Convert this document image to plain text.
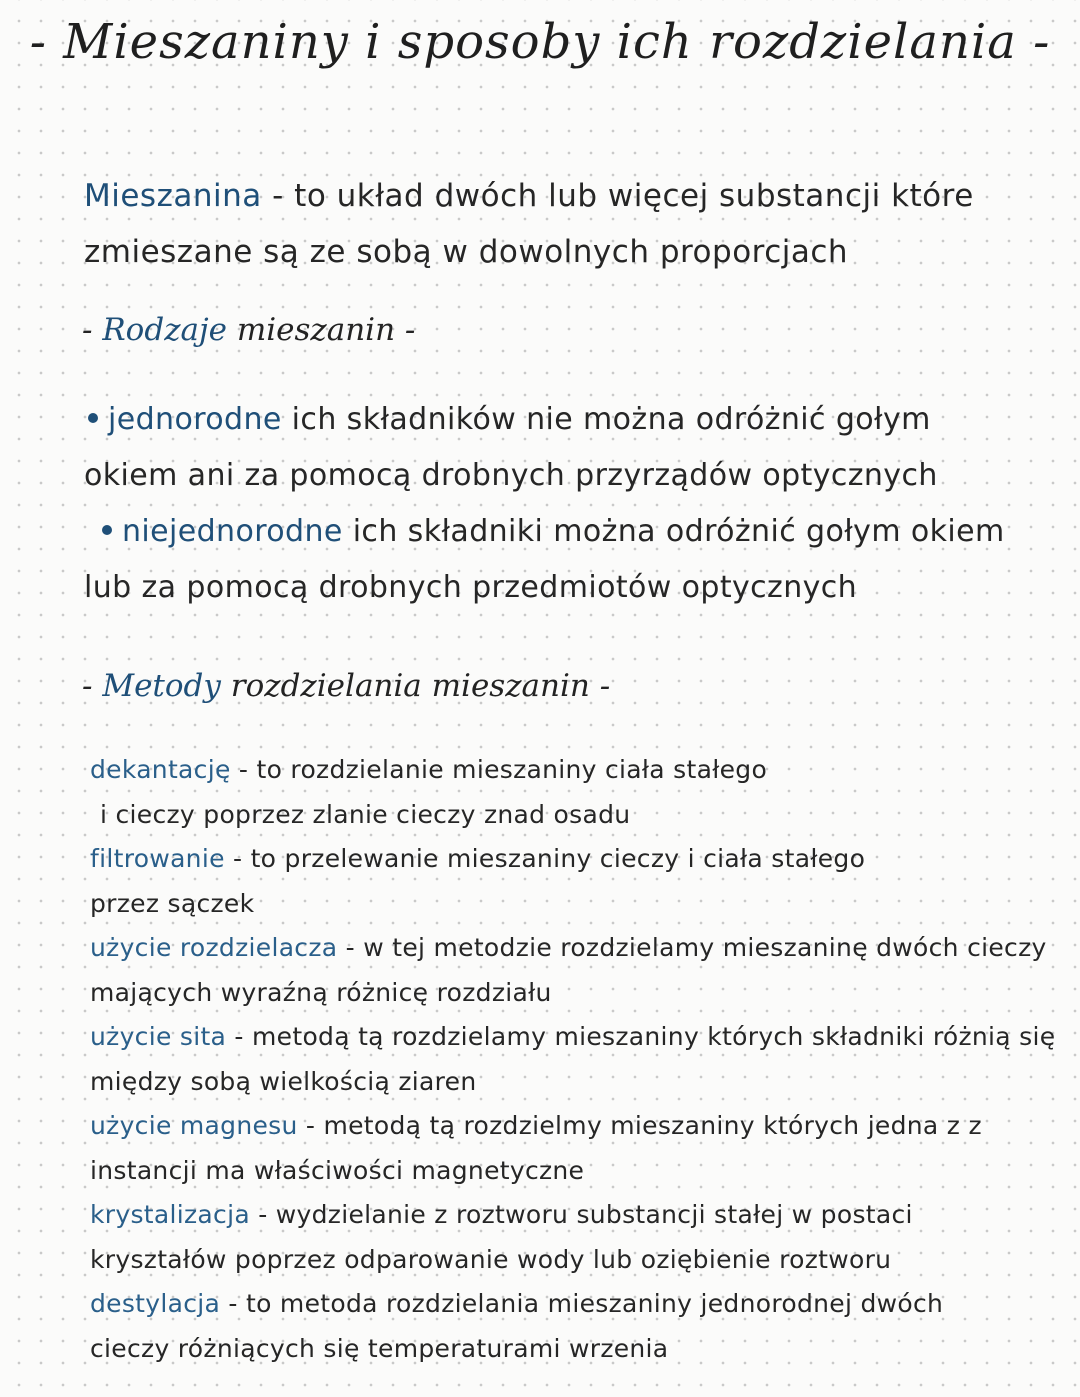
- Mieszaniny i sposoby ich rozdzielania -
Mieszanina - to układ dwóch lub więcej substancji które
zmieszane są ze sobą w dowolnych proporcjach
- Rodzaje mieszanin -
jednorodne ich składników nie można odróżnić gołym
okiem ani za pomocą drobnych przyrządów optycznych
niejednorodne ich składniki można odróżnić gołym okiem
lub za pomocą drobnych przedmiotów optycznych
- Metody rozdzielania mieszanin -
dekantację - to rozdzielanie mieszaniny ciała stałego
i cieczy poprzez zlanie cieczy znad osadu
filtrowanie - to przelewanie mieszaniny cieczy i ciała stałego
przez sączek
użycie rozdzielacza - w tej metodzie rozdzielamy mieszaninę dwóch cieczy
mających wyraźną różnicę rozdziału
użycie sita - metodą tą rozdzielamy mieszaniny których składniki różnią się
między sobą wielkością ziaren
użycie magnesu - metodą tą rozdzielmy mieszaniny których jedna z z
instancji ma właściwości magnetyczne
krystalizacja - wydzielanie z roztworu substancji stałej w postaci
kryształów poprzez odparowanie wody lub oziębienie roztworu
destylacja - to metoda rozdzielania mieszaniny jednorodnej dwóch
cieczy różniących się temperaturami wrzenia
